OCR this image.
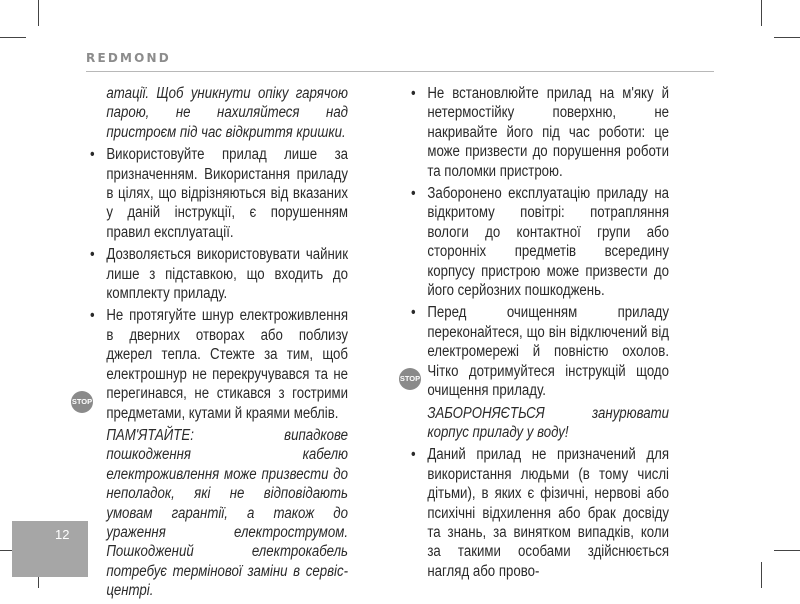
REDMOND

атації. Щоб уникнути опіку гарячою парою, не нахиляйтеся над пристроєм під час відкриття кришки.

• Використовуйте прилад лише за призначенням. Використання приладу в цілях, що відрізняються від вказаних у даній інструкції, є порушенням правил експлуатації.

• Дозволяється використовувати чайник лише з підставкою, що входить до комплекту приладу.

• Не протягуйте шнур електроживлення в дверних отворах або поблизу джерел тепла. Стежте за тим, щоб електрошнур не перекручувався та не перегинався, не стикався з гострими предметами, кутами й краями меблів.

ПАМ'ЯТАЙТЕ: випадкове пошкодження кабелю електроживлення може призвести до неполадок, які не відповідають умовам гарантії, а також до ураження електрострумом. Пошкоджений електрокабель потребує термінової заміни в сервіс-центрі.

• Не встановлюйте прилад на м'яку й нетермостійку поверхню, не накривайте його під час роботи: це може призвести до порушення роботи та поломки пристрою.

• Заборонено експлуатацію приладу на відкритому повітрі: потрапляння вологи до контактної групи або сторонніх предметів всередину корпусу пристрою може призвести до його серйозних пошкоджень.

• Перед очищенням приладу переконайтеся, що він відключений від електромережі й повністю охолов. Чітко дотримуйтеся інструкцій щодо очищення приладу.

ЗАБОРОНЯЄТЬСЯ занурювати корпус приладу у воду!

• Даний прилад не призначений для використання людьми (в тому числі дітьми), в яких є фізичні, нервові або психічні відхилення або брак досвіду та знань, за винятком випадків, коли за такими особами здійснюється нагляд або прово-

STOP
STOP
12
